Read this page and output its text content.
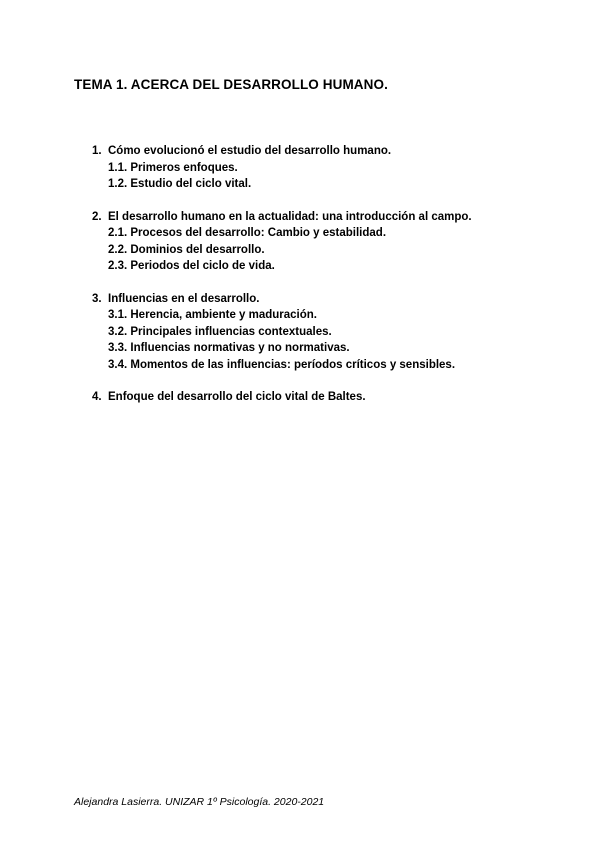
TEMA 1. ACERCA DEL DESARROLLO HUMANO.
1. Cómo evolucionó el estudio del desarrollo humano.
1.1. Primeros enfoques.
1.2. Estudio del ciclo vital.
2. El desarrollo humano en la actualidad: una introducción al campo.
2.1. Procesos del desarrollo: Cambio y estabilidad.
2.2. Dominios del desarrollo.
2.3. Periodos del ciclo de vida.
3. Influencias en el desarrollo.
3.1. Herencia, ambiente y maduración.
3.2. Principales influencias contextuales.
3.3. Influencias normativas y no normativas.
3.4. Momentos de las influencias: períodos críticos y sensibles.
4. Enfoque del desarrollo del ciclo vital de Baltes.
Alejandra Lasierra. UNIZAR 1º Psicología. 2020-2021
